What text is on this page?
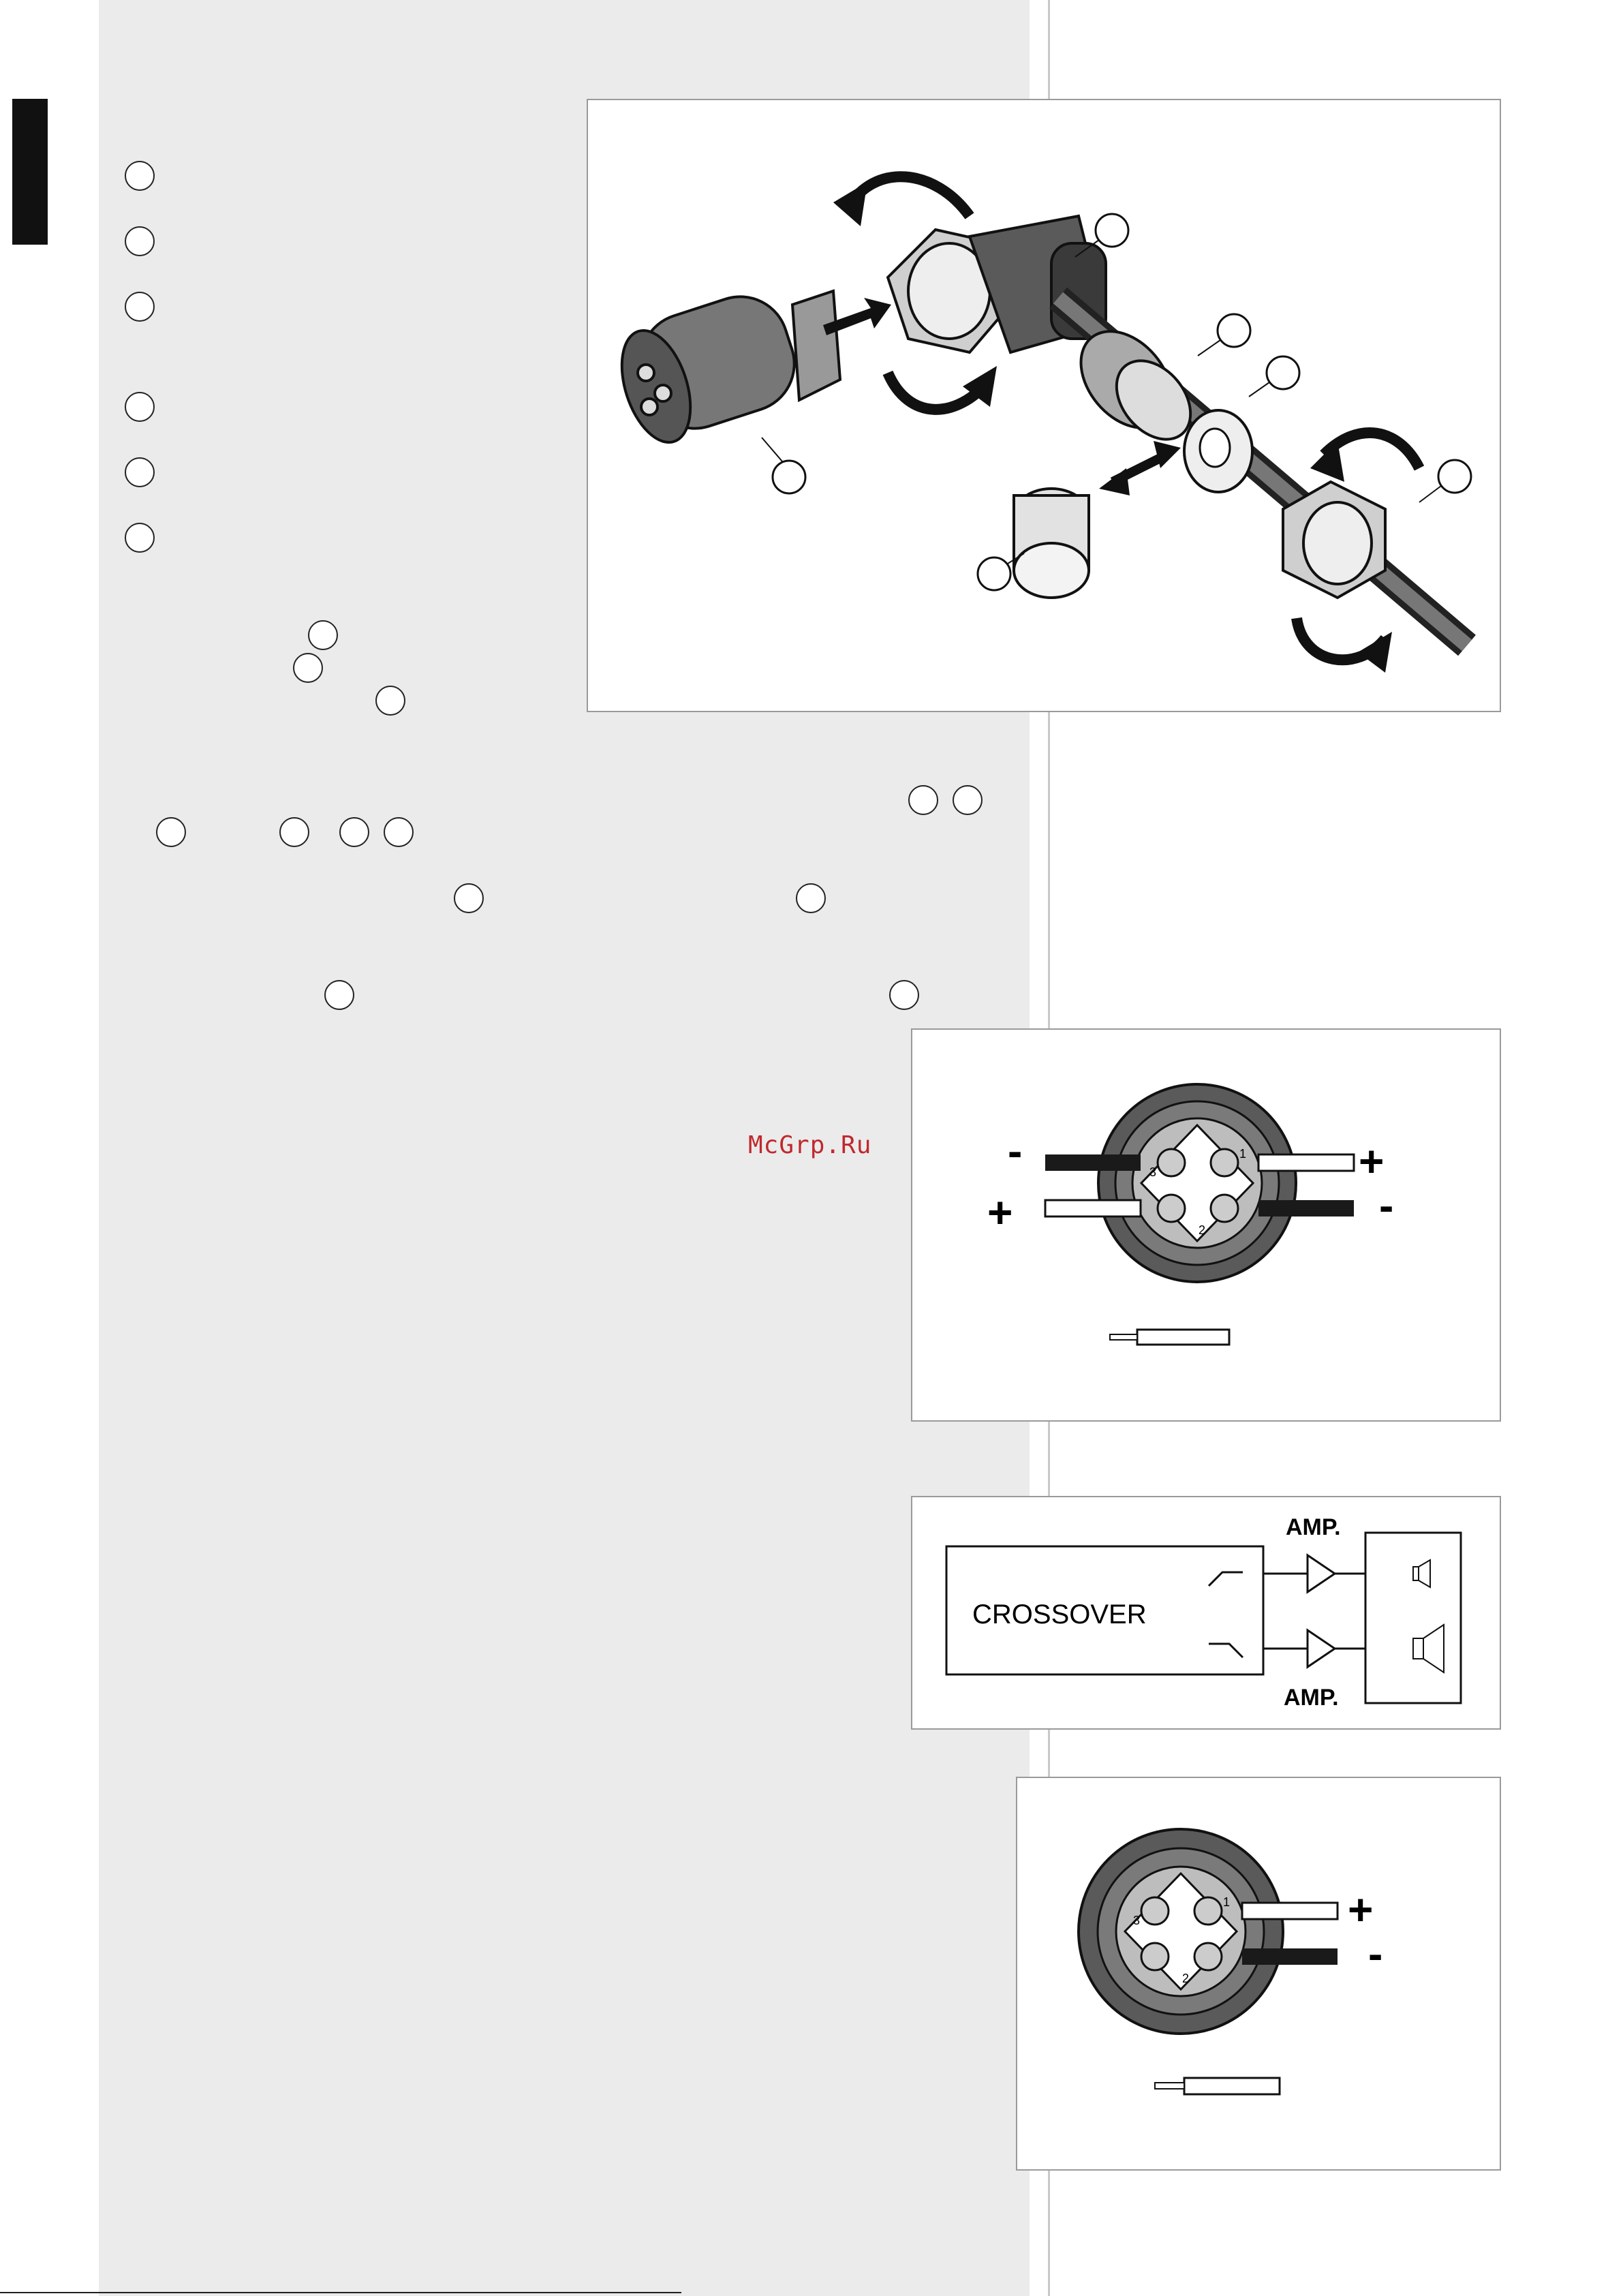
McGrp.Ru	-	+
+	-
1
2
3
AMP.
CROSSOVER
AMP.
+
-
1
2
3
